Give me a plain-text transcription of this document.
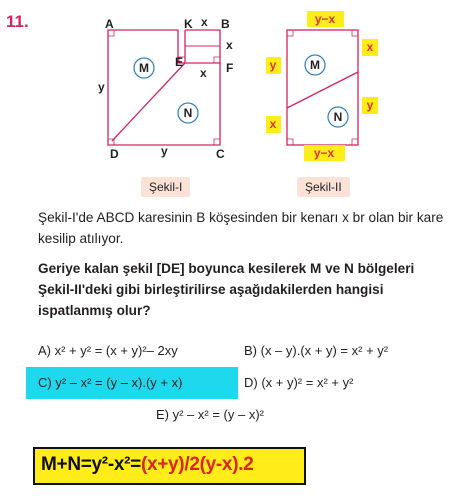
11.	A	K x B
x
E	F
x
y
D	y	C
M
N
M
N
y−x
y
x
x
y
y−x
Şekil-I	Şekil-II
Şekil-I'de ABCD karesinin B köşesinden bir kenarı x br olan bir kare kesilip atılıyor.
Geriye kalan şekil [DE] boyunca kesilerek M ve N bölgeleri Şekil-II'deki gibi birleştirilirse aşağıdakilerden hangisi ispatlanmış olur?
A) x² + y² = (x + y)²– 2xy	B) (x – y).(x + y) = x² + y²
C) y² – x² = (y – x).(y + x)	D) (x + y)² = x² + y²
E) y² – x² = (y – x)²
M+N=y²-x²=(x+y)/2(y-x).2
